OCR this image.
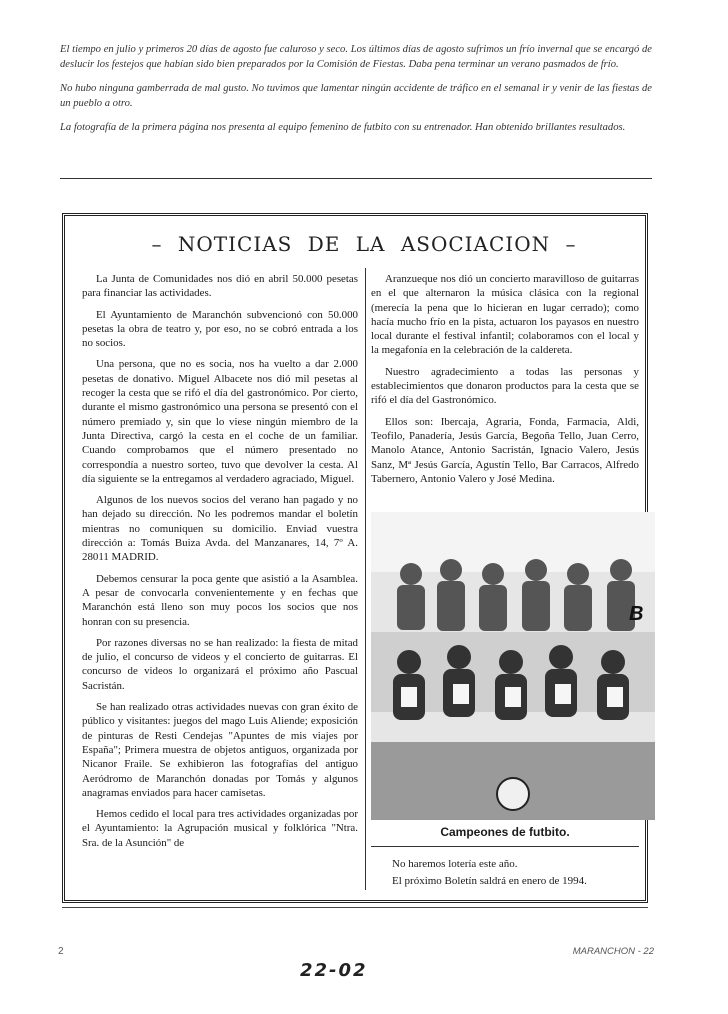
El tiempo en julio y primeros 20 días de agosto fue caluroso y seco. Los últimos días de agosto sufrimos un frío invernal que se encargó de deslucir los festejos que habían sido bien preparados por la Comisión de Fiestas. Daba pena terminar un verano pasmados de frío.

No hubo ninguna gamberrada de mal gusto. No tuvimos que lamentar ningún accidente de tráfico en el semanal ir y venir de las fiestas de un pueblo a otro.

La fotografía de la primera página nos presenta al equipo femenino de futbito con su entrenador. Han obtenido brillantes resultados.

– NOTICIAS DE LA ASOCIACION –

La Junta de Comunidades nos dió en abril 50.000 pesetas para financiar las actividades.

El Ayuntamiento de Maranchón subvencionó con 50.000 pesetas la obra de teatro y, por eso, no se cobró entrada a los no socios.

Una persona, que no es socia, nos ha vuelto a dar 2.000 pesetas de donativo. Miguel Albacete nos dió mil pesetas al recoger la cesta que se rifó el día del gastronómico. Por cierto, durante el mismo gastronómico una persona se presentó con el número premiado y, sin que lo viese ningún miembro de la Junta Directiva, cargó la cesta en el coche de un familiar. Cuando comprobamos que el número presentado no correspondía a nuestro sorteo, tuvo que devolver la cesta. Al día siguiente se la entregamos al verdadero agraciado, Miguel.

Algunos de los nuevos socios del verano han pagado y no han dejado su dirección. No les podremos mandar el boletín mientras no comuniquen su domicilio. Enviad vuestra dirección a: Tomás Buiza Avda. del Manzanares, 14, 7º A. 28011 MADRID.

Debemos censurar la poca gente que asistió a la Asamblea. A pesar de convocarla convenientemente y en fechas que Maranchón está lleno son muy pocos los socios que nos honran con su presencia.

Por razones diversas no se han realizado: la fiesta de mitad de julio, el concurso de videos y el concierto de guitarras. El concurso de videos lo organizará el próximo año Pascual Sacristán.

Se han realizado otras actividades nuevas con gran éxito de público y visitantes: juegos del mago Luis Aliende; exposición de pinturas de Resti Cendejas "Apuntes de mis viajes por España"; Primera muestra de objetos antiguos, organizada por Nicanor Fraile. Se exhibieron las fotografías del antiguo Aeródromo de Maranchón donadas por Tomás y algunos anagramas enviados para hacer camisetas.

Hemos cedido el local para tres actividades organizadas por el Ayuntamiento: la Agrupación musical y folklórica "Ntra. Sra. de la Asunción" de

Aranzueque nos dió un concierto maravilloso de guitarras en el que alternaron la música clásica con la regional (merecía la pena que lo hicieran en lugar cerrado); como hacía mucho frío en la pista, actuaron los payasos en nuestro local durante el festival infantil; colaboramos con el local y la megafonía en la celebración de la caldereta.

Nuestro agradecimiento a todas las personas y establecimientos que donaron productos para la cesta que se rifó el día del Gastronómico.

Ellos son: Ibercaja, Agraria, Fonda, Farmacia, Aldi, Teofilo, Panadería, Jesús García, Begoña Tello, Juan Cerro, Manolo Atance, Antonio Sacristán, Ignacio Valero, Jesús Sanz, Mª Jesús García, Agustín Tello, Bar Carracos, Alfredo Tabernero, Antonio Valero y José Medina.

B
Campeones de futbito.
No haremos lotería este año.
El próximo Boletín saldrá en enero de 1994.
2	MARANCHON - 22
22-02
